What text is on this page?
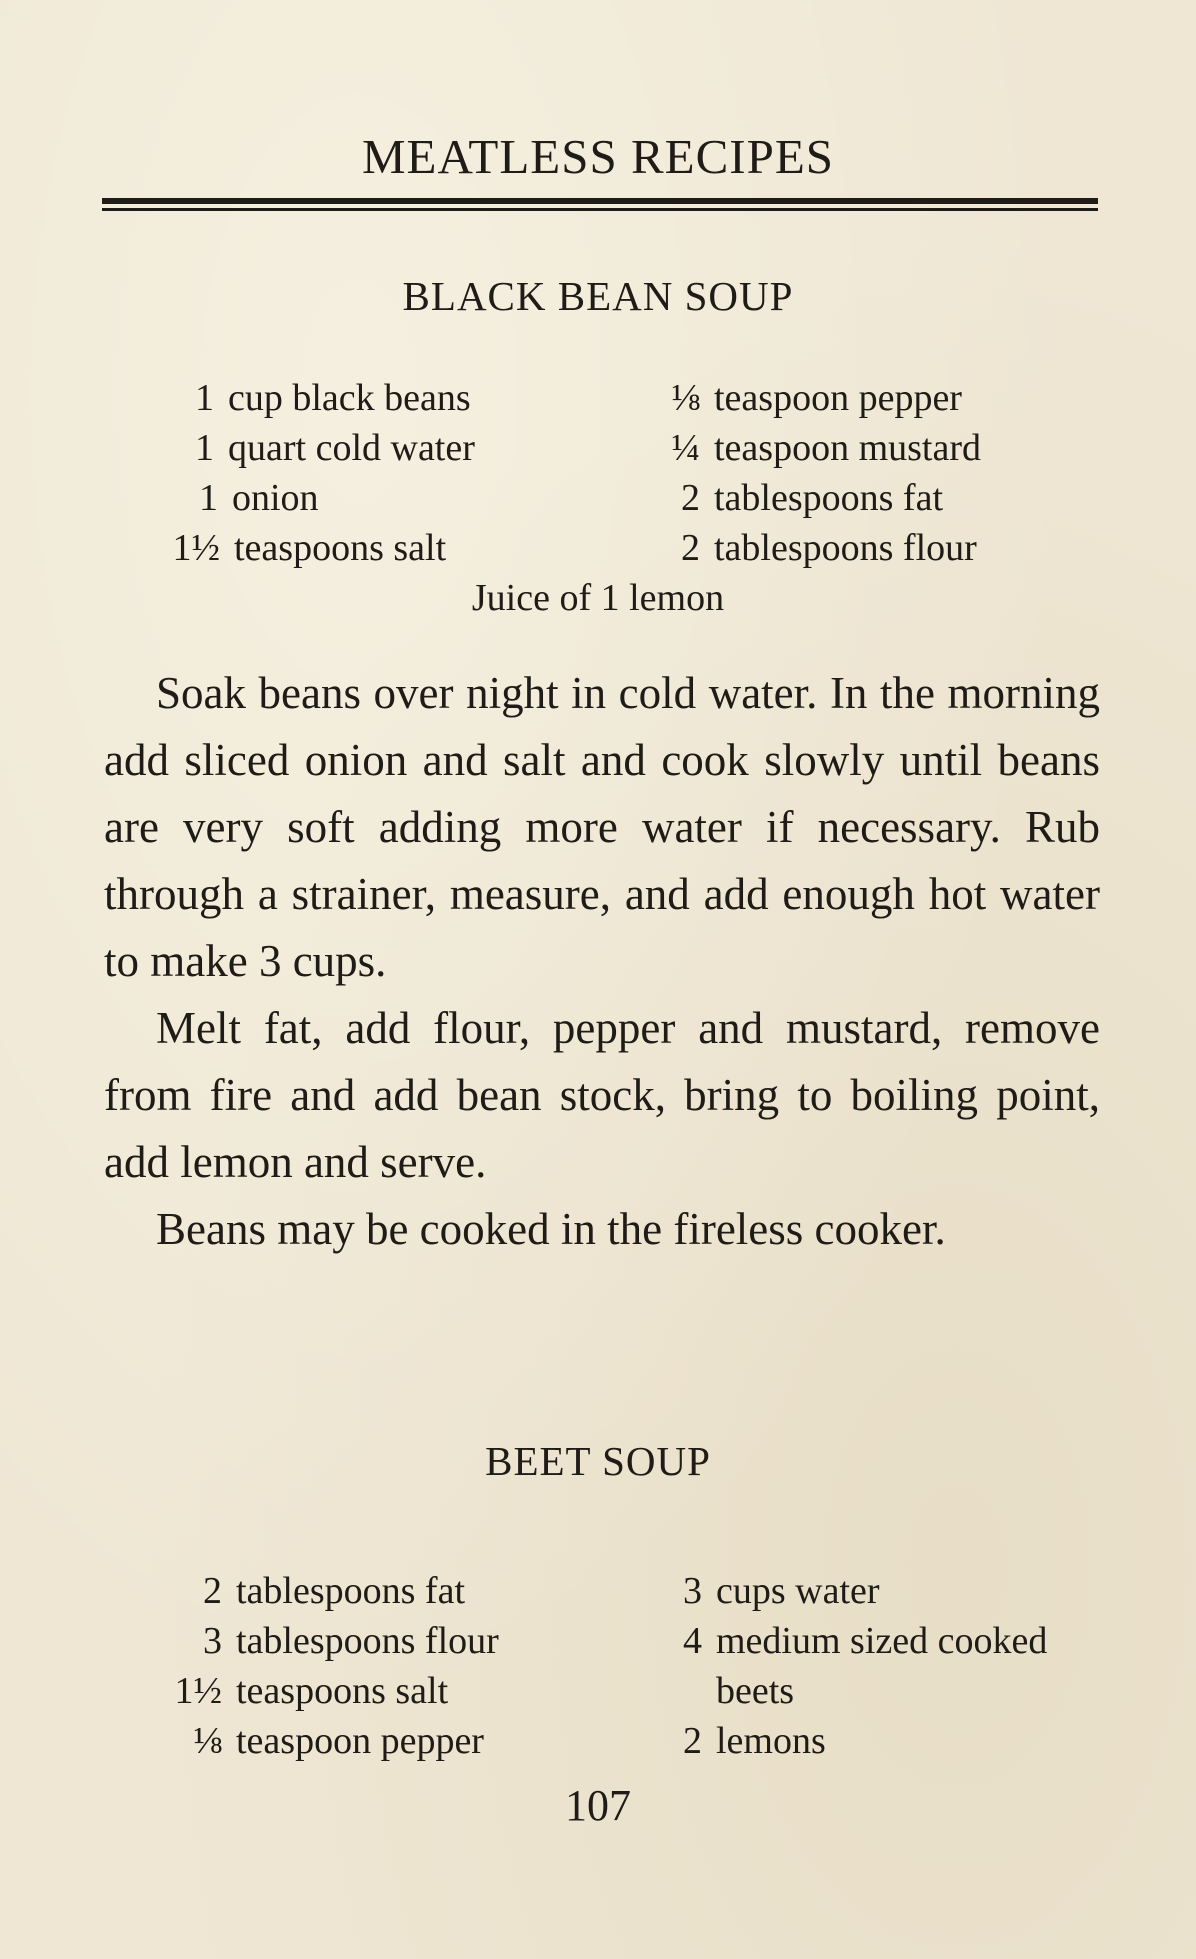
MEATLESS RECIPES
BLACK BEAN SOUP
1 cup black beans
1 quart cold water
1 onion
1½ teaspoons salt
⅛ teaspoon pepper
¼ teaspoon mustard
2 tablespoons fat
2 tablespoons flour
Juice of 1 lemon

Soak beans over night in cold water. In the morning add sliced onion and salt and cook slowly until beans are very soft adding more water if necessary. Rub through a strainer, measure, and add enough hot water to make 3 cups.

Melt fat, add flour, pepper and mustard, remove from fire and add bean stock, bring to boiling point, add lemon and serve.

Beans may be cooked in the fireless cooker.

BEET SOUP
2 tablespoons fat
3 tablespoons flour
1½ teaspoons salt
⅛ teaspoon pepper
3 cups water
4 medium sized cooked
beets
2 lemons
107
